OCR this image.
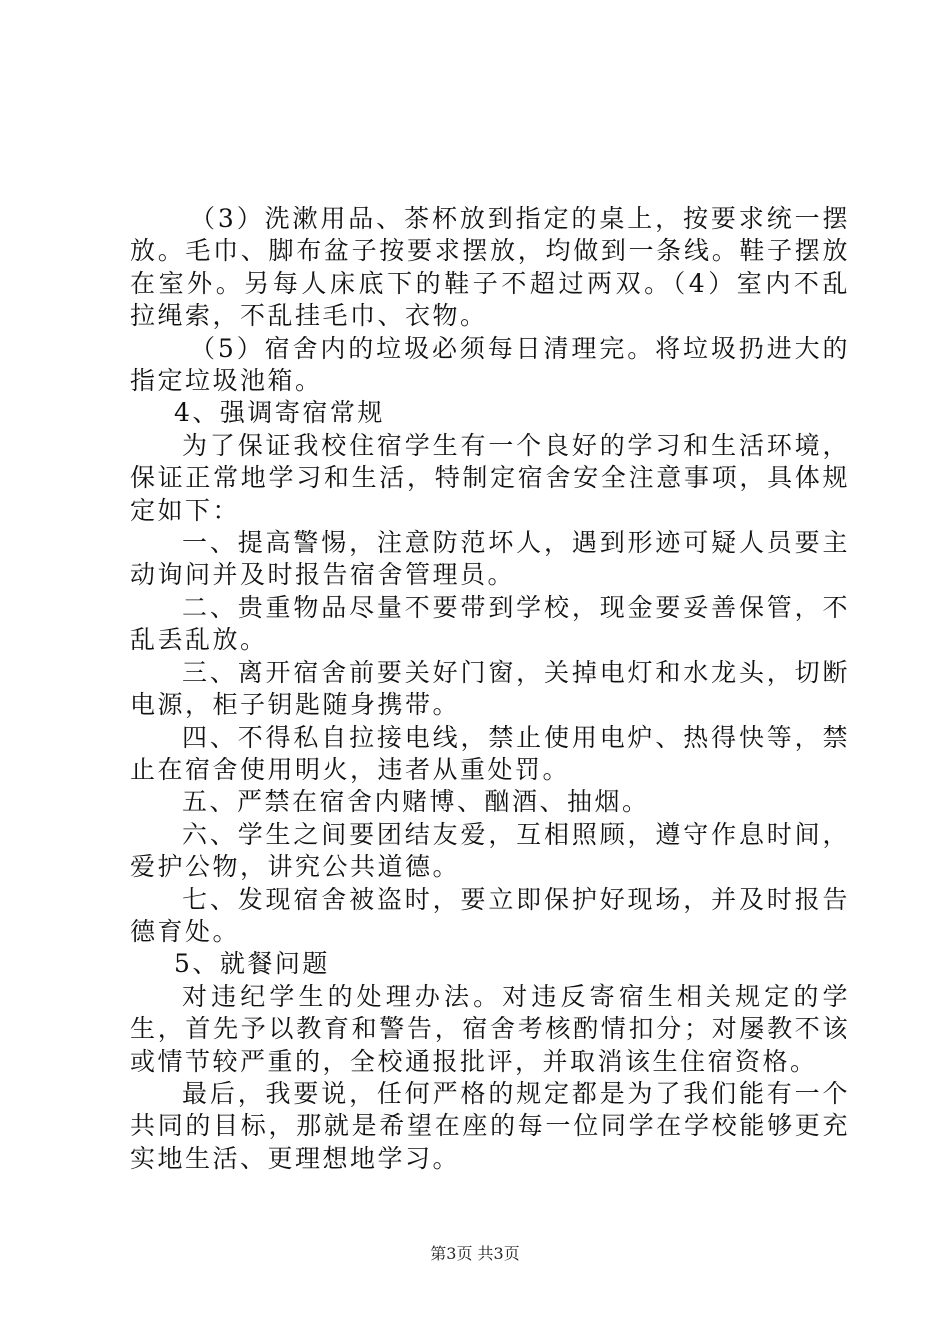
（3）洗漱用品、茶杯放到指定的桌上，按要求统一摆放。毛巾、脚布盆子按要求摆放，均做到一条线。鞋子摆放在室外。另每人床底下的鞋子不超过两双。（4）室内不乱拉绳索，不乱挂毛巾、衣物。

（5）宿舍内的垃圾必须每日清理完。将垃圾扔进大的指定垃圾池箱。

4、强调寄宿常规

为了保证我校住宿学生有一个良好的学习和生活环境，保证正常地学习和生活，特制定宿舍安全注意事项，具体规定如下：

一、提高警惕，注意防范坏人，遇到形迹可疑人员要主动询问并及时报告宿舍管理员。

二、贵重物品尽量不要带到学校，现金要妥善保管，不乱丢乱放。

三、离开宿舍前要关好门窗，关掉电灯和水龙头，切断电源，柜子钥匙随身携带。

四、不得私自拉接电线，禁止使用电炉、热得快等，禁止在宿舍使用明火，违者从重处罚。

五、严禁在宿舍内赌博、酗酒、抽烟。

六、学生之间要团结友爱，互相照顾，遵守作息时间，爱护公物，讲究公共道德。

七、发现宿舍被盗时，要立即保护好现场，并及时报告德育处。

5、就餐问题

对违纪学生的处理办法。对违反寄宿生相关规定的学生，首先予以教育和警告，宿舍考核酌情扣分；对屡教不该或情节较严重的，全校通报批评，并取消该生住宿资格。

最后，我要说，任何严格的规定都是为了我们能有一个共同的目标，那就是希望在座的每一位同学在学校能够更充实地生活、更理想地学习。

第3页 共3页
